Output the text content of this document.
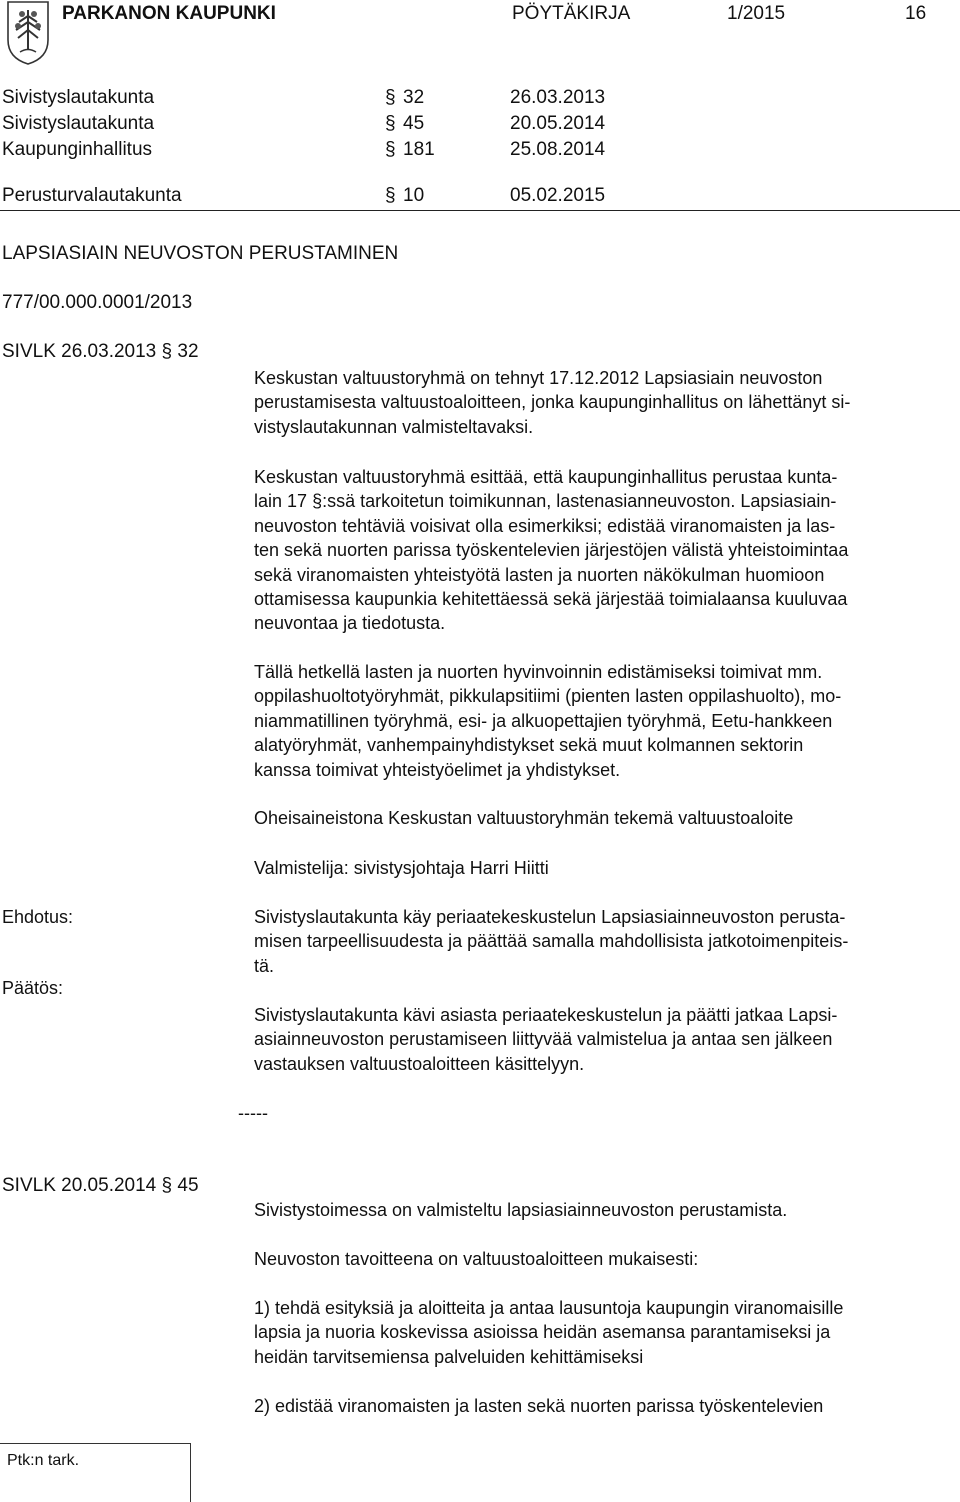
PARKANON KAUPUNKI	PÖYTÄKIRJA	1/2015	16
Sivistyslautakunta	§ 32	26.03.2013
Sivistyslautakunta	§ 45	20.05.2014
Kaupunginhallitus	§ 181	25.08.2014
Perusturvalautakunta	§ 10	05.02.2015
LAPSIASIAIN NEUVOSTON PERUSTAMINEN
777/00.000.0001/2013
SIVLK 26.03.2013 § 32
Keskustan valtuustoryhmä on tehnyt 17.12.2012 Lapsiasiain neuvoston
perustamisesta valtuustoaloitteen, jonka kaupunginhallitus on lähettänyt si-
vistyslautakunnan valmisteltavaksi.
Keskustan valtuustoryhmä esittää, että kaupunginhallitus perustaa kunta-
lain 17 §:ssä tarkoitetun toimikunnan, lastenasianneuvoston. Lapsiasiain-
neuvoston tehtäviä voisivat olla esimerkiksi; edistää viranomaisten ja las-
ten sekä nuorten parissa työskentelevien järjestöjen välistä yhteistoimintaa
sekä viranomaisten yhteistyötä lasten ja nuorten näkökulman huomioon
ottamisessa kaupunkia kehitettäessä sekä järjestää toimialaansa kuuluvaa
neuvontaa ja tiedotusta.
Tällä hetkellä lasten ja nuorten hyvinvoinnin edistämiseksi toimivat mm.
oppilashuoltotyöryhmät, pikkulapsitiimi (pienten lasten oppilashuolto), mo-
niammatillinen työryhmä, esi- ja alkuopettajien työryhmä, Eetu-hankkeen
alatyöryhmät, vanhempainyhdistykset sekä muut kolmannen sektorin
kanssa toimivat yhteistyöelimet ja yhdistykset.
Oheisaineistona Keskustan valtuustoryhmän tekemä valtuustoaloite
Valmistelija: sivistysjohtaja Harri Hiitti
Ehdotus:	Sivistyslautakunta käy periaatekeskustelun Lapsiasiainneuvoston perusta-
misen tarpeellisuudesta ja päättää samalla mahdollisista jatkotoimenpiteis-
tä.
Päätös:
Sivistyslautakunta kävi asiasta periaatekeskustelun ja päätti jatkaa Lapsi-
asiainneuvoston perustamiseen liittyvää valmistelua ja antaa sen jälkeen
vastauksen valtuustoaloitteen käsittelyyn.
-----
SIVLK 20.05.2014 § 45
Sivistystoimessa on valmisteltu lapsiasiainneuvoston perustamista.
Neuvoston tavoitteena on valtuustoaloitteen mukaisesti:
1) tehdä esityksiä ja aloitteita ja antaa lausuntoja kaupungin viranomaisille
lapsia ja nuoria koskevissa asioissa heidän asemansa parantamiseksi ja
heidän tarvitsemiensa palveluiden kehittämiseksi
2) edistää viranomaisten ja lasten sekä nuorten parissa työskentelevien
Ptk:n tark.
